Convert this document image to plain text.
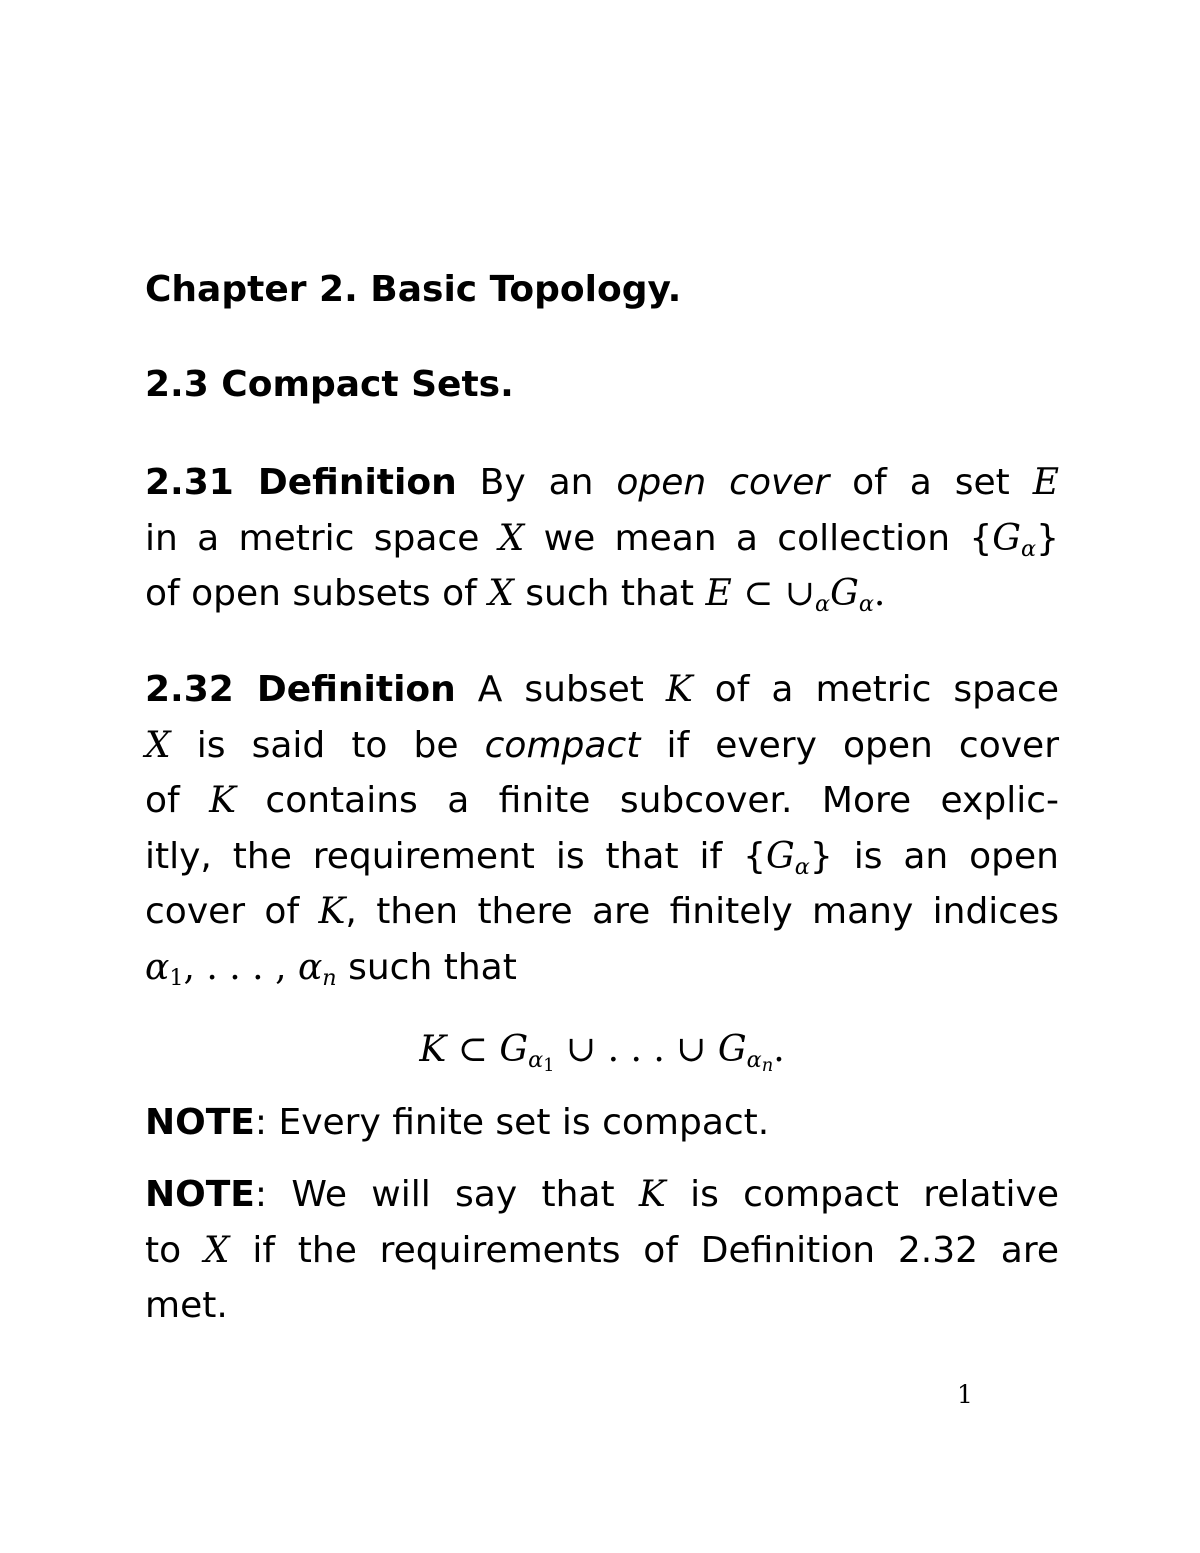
Chapter 2. Basic Topology.
2.3 Compact Sets.
2.31 Definition By an open cover of a set E
in a metric space X we mean a collection {Gα}
of open subsets of X such that E ⊂ ∪αGα.
2.32 Definition A subset K of a metric space
X is said to be compact if every open cover
of K contains a finite subcover. More explic-
itly, the requirement is that if {Gα} is an open
cover of K, then there are finitely many indices
α1, . . . , αn such that
K ⊂ Gα1 ∪ . . . ∪ Gαn.
NOTE: Every finite set is compact.
NOTE: We will say that K is compact relative
to X if the requirements of Definition 2.32 are
met.
1
